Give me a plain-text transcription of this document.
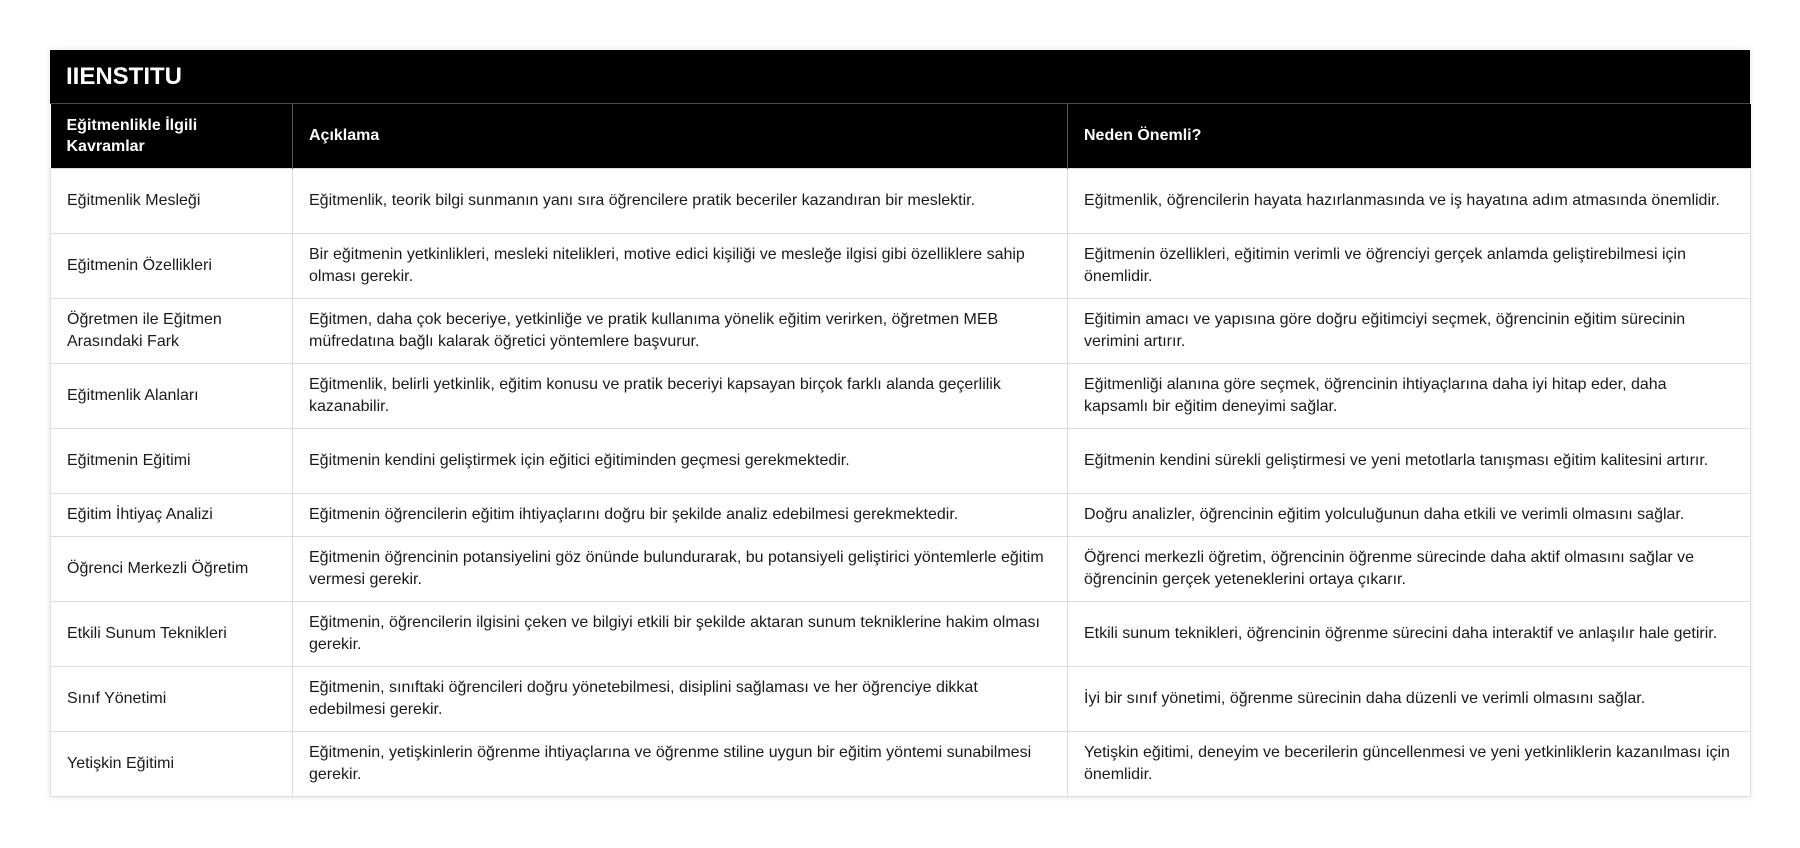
IIENSTITU
Eğitmenlikle İlgili Kavramlar	Açıklama	Neden Önemli?
Eğitmenlik Mesleği	Eğitmenlik, teorik bilgi sunmanın yanı sıra öğrencilere pratik beceriler kazandıran bir meslektir.	Eğitmenlik, öğrencilerin hayata hazırlanmasında ve iş hayatına adım atmasında önemlidir.
Eğitmenin Özellikleri	Bir eğitmenin yetkinlikleri, mesleki nitelikleri, motive edici kişiliği ve mesleğe ilgisi gibi özelliklere sahip olması gerekir.	Eğitmenin özellikleri, eğitimin verimli ve öğrenciyi gerçek anlamda geliştirebilmesi için önemlidir.
Öğretmen ile Eğitmen Arasındaki Fark	Eğitmen, daha çok beceriye, yetkinliğe ve pratik kullanıma yönelik eğitim verirken, öğretmen MEB müfredatına bağlı kalarak öğretici yöntemlere başvurur.	Eğitimin amacı ve yapısına göre doğru eğitimciyi seçmek, öğrencinin eğitim sürecinin verimini artırır.
Eğitmenlik Alanları	Eğitmenlik, belirli yetkinlik, eğitim konusu ve pratik beceriyi kapsayan birçok farklı alanda geçerlilik kazanabilir.	Eğitmenliği alanına göre seçmek, öğrencinin ihtiyaçlarına daha iyi hitap eder, daha kapsamlı bir eğitim deneyimi sağlar.
Eğitmenin Eğitimi	Eğitmenin kendini geliştirmek için eğitici eğitiminden geçmesi gerekmektedir.	Eğitmenin kendini sürekli geliştirmesi ve yeni metotlarla tanışması eğitim kalitesini artırır.
Eğitim İhtiyaç Analizi	Eğitmenin öğrencilerin eğitim ihtiyaçlarını doğru bir şekilde analiz edebilmesi gerekmektedir.	Doğru analizler, öğrencinin eğitim yolculuğunun daha etkili ve verimli olmasını sağlar.
Öğrenci Merkezli Öğretim	Eğitmenin öğrencinin potansiyelini göz önünde bulundurarak, bu potansiyeli geliştirici yöntemlerle eğitim vermesi gerekir.	Öğrenci merkezli öğretim, öğrencinin öğrenme sürecinde daha aktif olmasını sağlar ve öğrencinin gerçek yeteneklerini ortaya çıkarır.
Etkili Sunum Teknikleri	Eğitmenin, öğrencilerin ilgisini çeken ve bilgiyi etkili bir şekilde aktaran sunum tekniklerine hakim olması gerekir.	Etkili sunum teknikleri, öğrencinin öğrenme sürecini daha interaktif ve anlaşılır hale getirir.
Sınıf Yönetimi	Eğitmenin, sınıftaki öğrencileri doğru yönetebilmesi, disiplini sağlaması ve her öğrenciye dikkat edebilmesi gerekir.	İyi bir sınıf yönetimi, öğrenme sürecinin daha düzenli ve verimli olmasını sağlar.
Yetişkin Eğitimi	Eğitmenin, yetişkinlerin öğrenme ihtiyaçlarına ve öğrenme stiline uygun bir eğitim yöntemi sunabilmesi gerekir.	Yetişkin eğitimi, deneyim ve becerilerin güncellenmesi ve yeni yetkinliklerin kazanılması için önemlidir.
